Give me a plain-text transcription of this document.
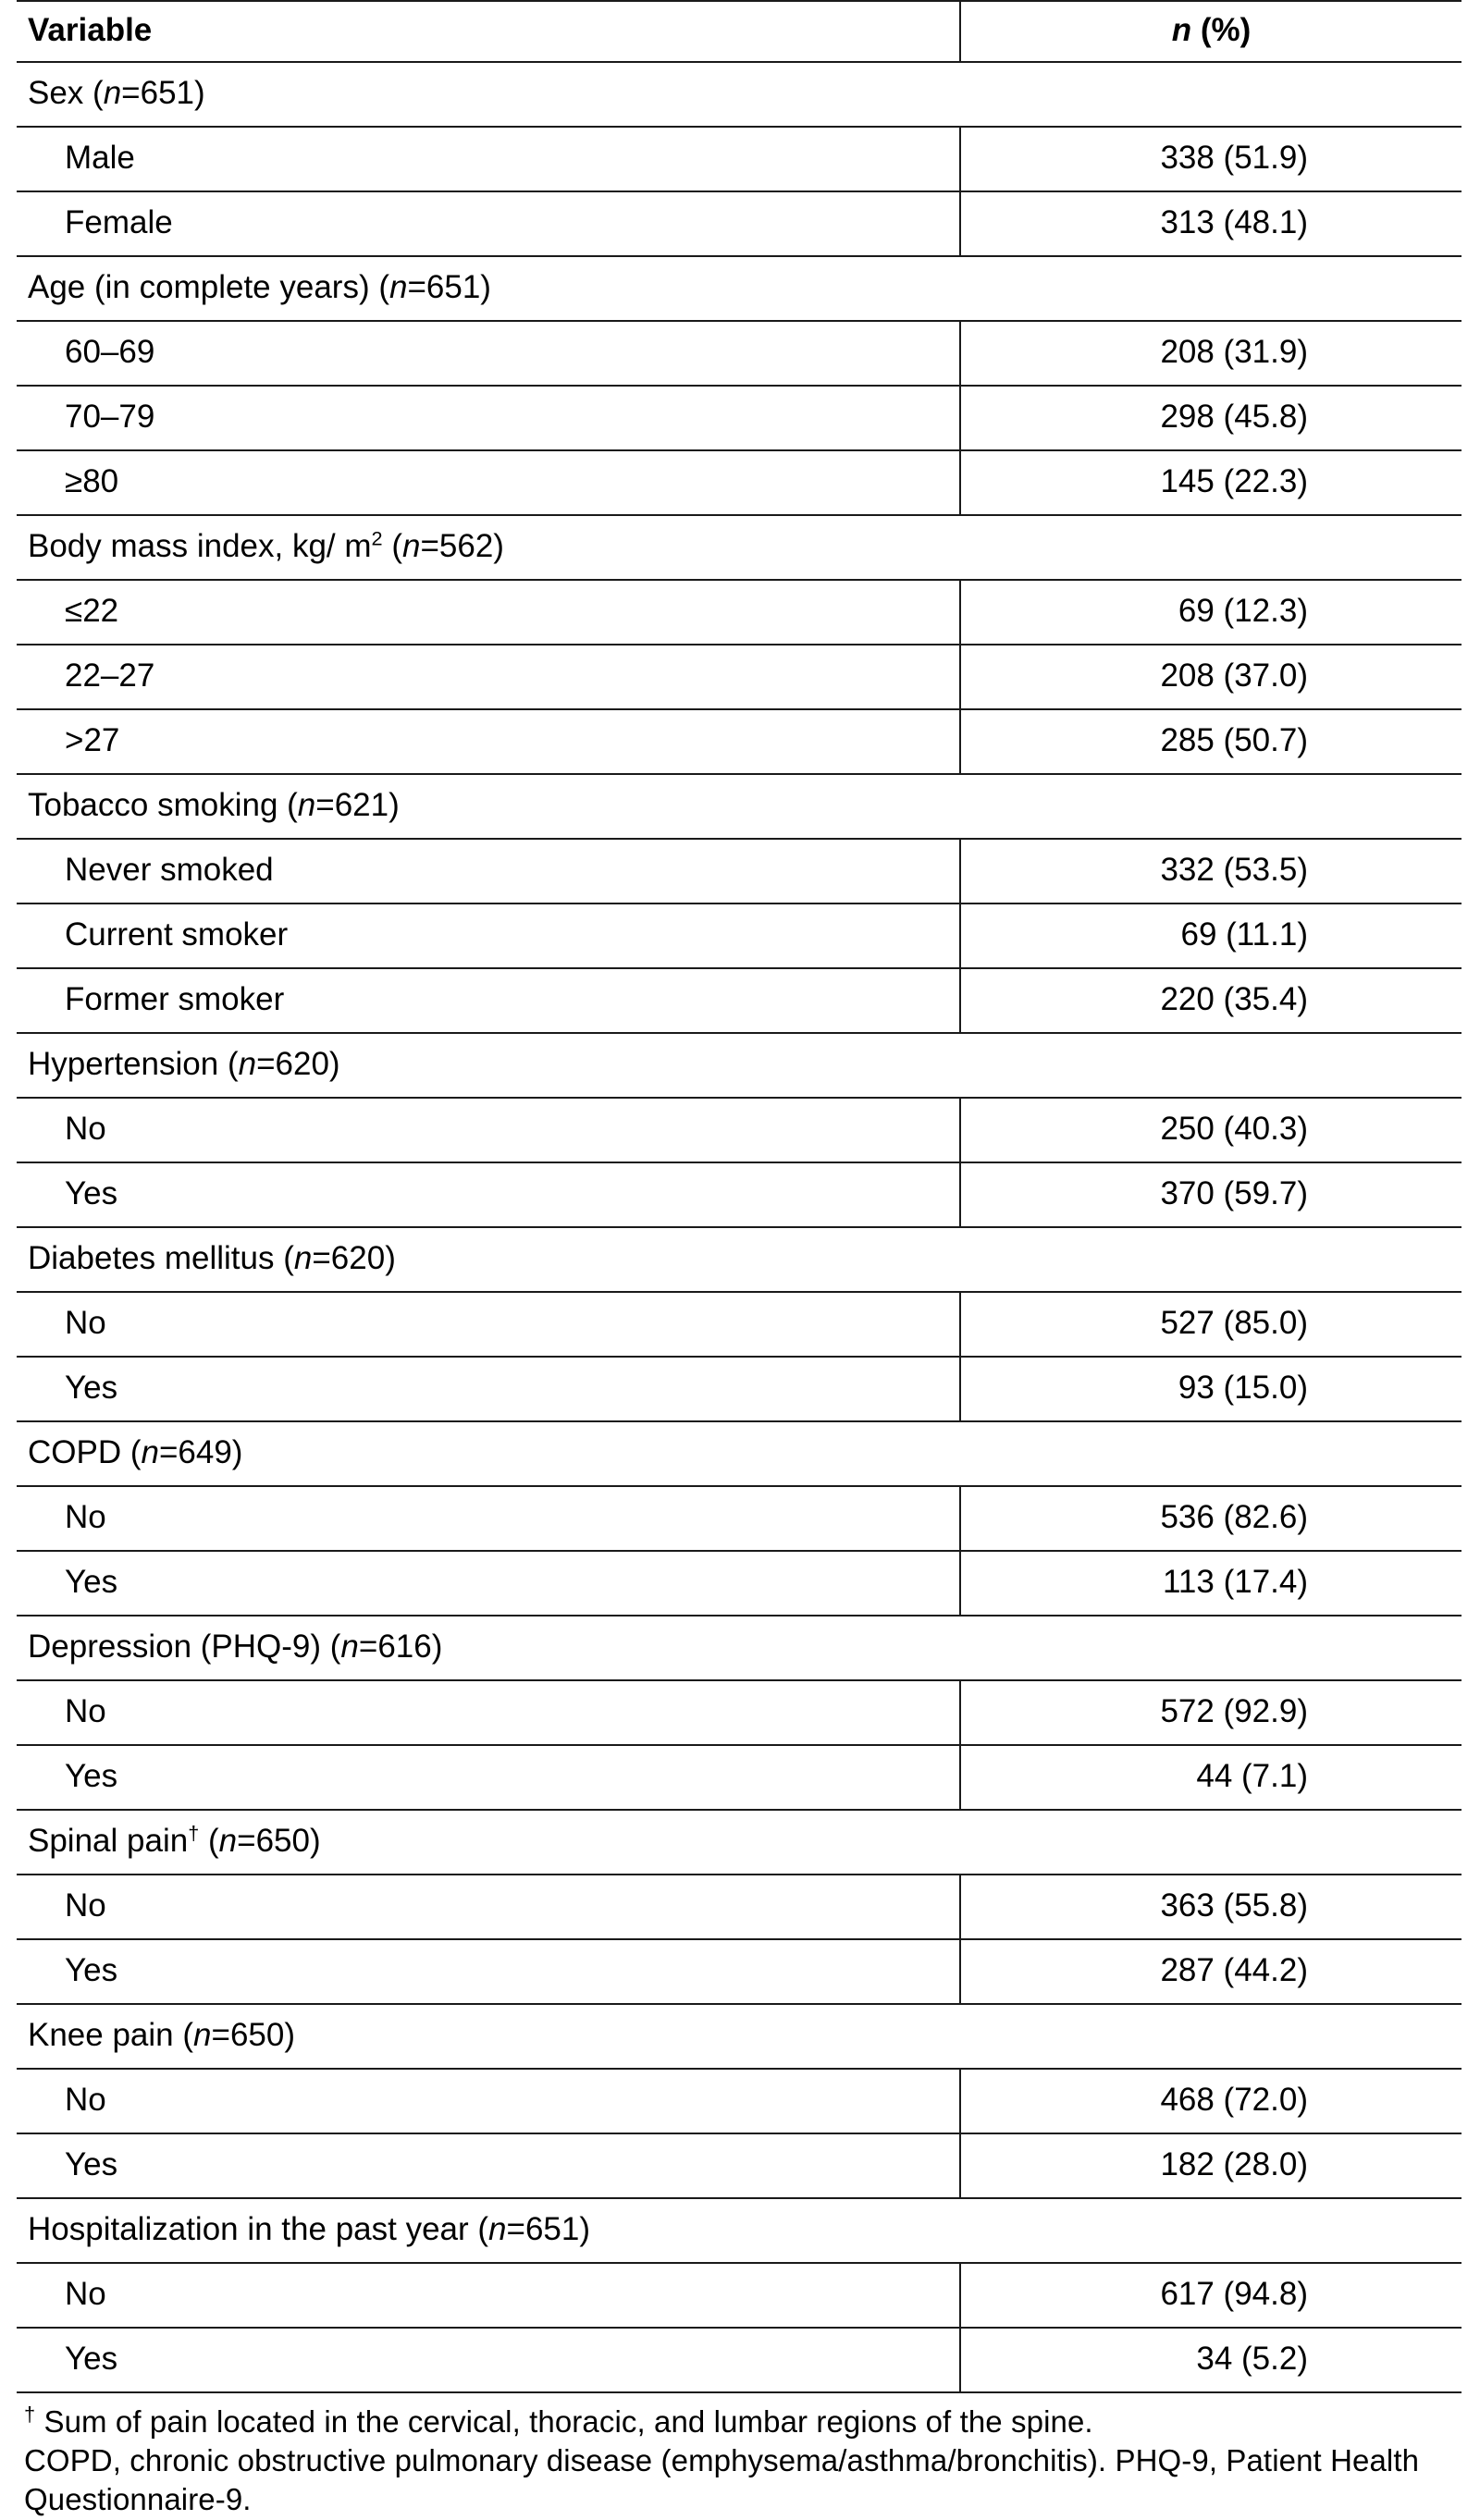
Variable	n (%)
Sex (n=651)	
Male	338 (51.9)
Female	313 (48.1)
Age (in complete years) (n=651)	
60–69	208 (31.9)
70–79	298 (45.8)
≥80	145 (22.3)
Body mass index, kg/ $m^2$ (n=562)	
≤22	69 (12.3)
22–27	208 (37.0)
>27	285 (50.7)
Tobacco smoking (n=621)	
Never smoked	332 (53.5)
Current smoker	69 (11.1)
Former smoker	220 (35.4)
Hypertension (n=620)	
No	250 (40.3)
Yes	370 (59.7)
Diabetes mellitus (n=620)	
No	527 (85.0)
Yes	93 (15.0)
COPD (n=649)	
No	536 (82.6)
Yes	113 (17.4)
Depression (PHQ-9) (n=616)	
No	572 (92.9)
Yes	44 (7.1)
Spinal pain† (n=650)	
No	363 (55.8)
Yes	287 (44.2)
Knee pain (n=650)	
No	468 (72.0)
Yes	182 (28.0)
Hospitalization in the past year (n=651)	
No	617 (94.8)
Yes	34 (5.2)
† Sum of pain located in the cervical, thoracic, and lumbar regions of the spine.
COPD, chronic obstructive pulmonary disease (emphysema/asthma/bronchitis). PHQ-9, Patient Health Questionnaire-9.
